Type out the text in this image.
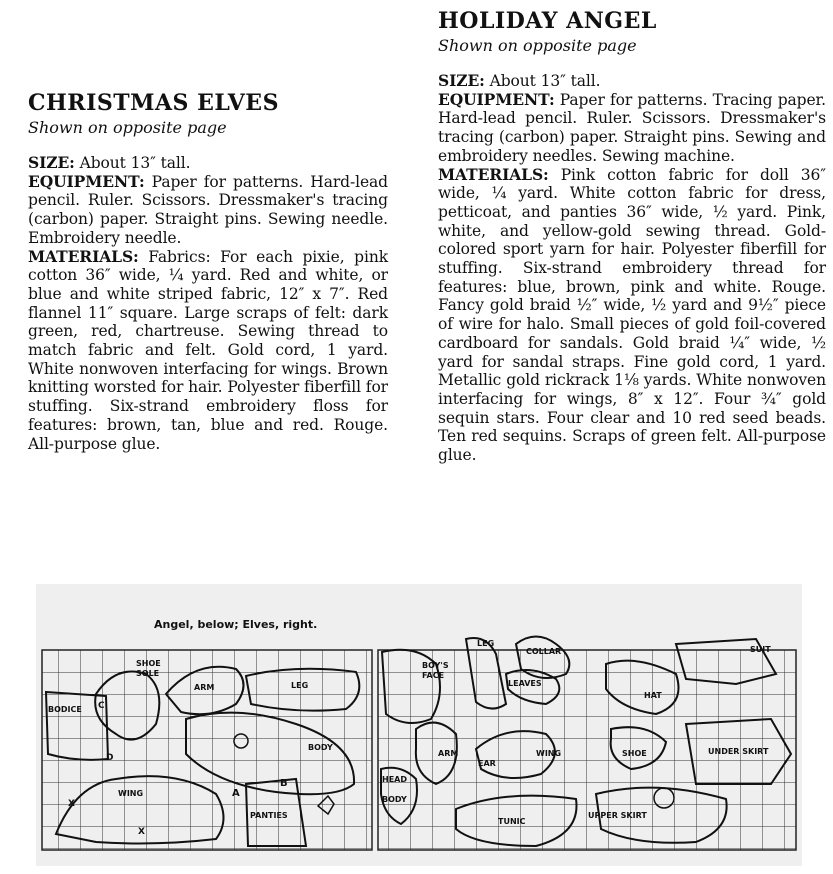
CHRISTMAS ELVES
Shown on opposite page

SIZE: About 13″ tall.
EQUIPMENT: Paper for patterns. Hard-lead pencil. Ruler. Scissors. Dressmaker's tracing (carbon) paper. Straight pins. Sewing needle. Embroidery needle.
MATERIALS: Fabrics: For each pixie, pink cotton 36″ wide, ¼ yard. Red and white, or blue and white striped fabric, 12″ x 7″. Red flannel 11″ square. Large scraps of felt: dark green, red, chartreuse. Sewing thread to match fabric and felt. Gold cord, 1 yard. White nonwoven interfacing for wings. Brown knitting worsted for hair. Polyester fiberfill for stuffing. Six-strand embroidery floss for features: brown, tan, blue and red. Rouge. All-purpose glue.

HOLIDAY ANGEL
Shown on opposite page

SIZE: About 13″ tall.
EQUIPMENT: Paper for patterns. Tracing paper. Hard-lead pencil. Ruler. Scissors. Dressmaker's tracing (carbon) paper. Straight pins. Sewing and embroidery needles. Sewing machine.
MATERIALS: Pink cotton fabric for doll 36″ wide, ¼ yard. White cotton fabric for dress, petticoat, and panties 36″ wide, ½ yard. Pink, white, and yellow-gold sewing thread. Gold-colored sport yarn for hair. Polyester fiberfill for stuffing. Six-strand embroidery thread for features: blue, brown, pink and white. Rouge. Fancy gold braid ½″ wide, ½ yard and 9½″ piece of wire for halo. Small pieces of gold foil-covered cardboard for sandals. Gold braid ¼″ wide, ½ yard for sandal straps. Fine gold cord, 1 yard. Metallic gold rickrack 1⅛ yards. White nonwoven interfacing for wings, 8″ x 12″. Four ¾″ gold sequin stars. Four clear and 10 red seed beads. Ten red sequins. Scraps of green felt. All-purpose glue.

Angel, below; Elves, right.
SHOE
SOLE
ARM	LEG
BODICE C
D
BODY
WING	A
B
PANTIES
X
X
BOY'S
FACE
LEG
COLLAR
LEAVES
SUIT
HAT
ARM
EAR
WING	SHOE	UNDER SKIRT
HEAD
BODY
TUNIC
UPPER SKIRT
